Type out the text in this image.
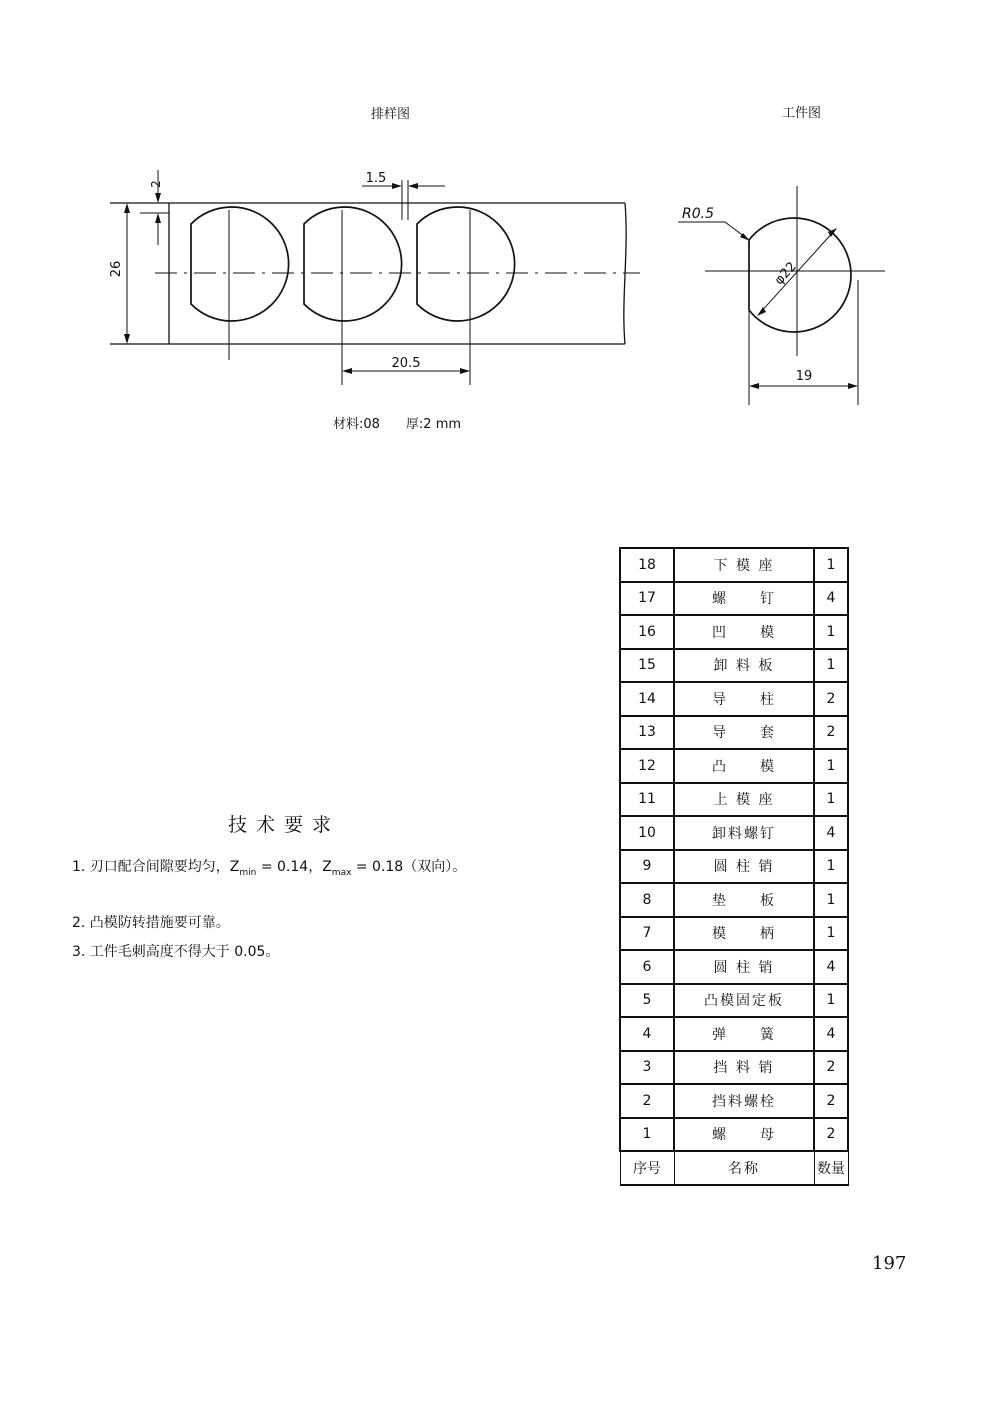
排样图	工件图
2	1.5
26
20.5
材料:08　　厚:2 mm
R0.5
φ22
19
技术要求
1. 刃口配合间隙要均匀，$Z_{min} = 0.14$，$Z_{max} = 0.18$（双向）。
2. 凸模防转措施要可靠。
3. 工件毛刺高度不得大于 0.05。
18	下 模 座	1
17	螺　　钉	4
16	凹　　模	1
15	卸 料 板	1
14	导　　柱	2
13	导　　套	2
12	凸　　模	1
11	上 模 座	1
10	卸料螺钉	4
9	圆 柱 销	1
8	垫　　板	1
7	模　　柄	1
6	圆 柱 销	4
5	凸模固定板	1
4	弹　　簧	4
3	挡 料 销	2
2	挡料螺栓	2
1	螺　　母	2
序号	名称	数量
197
